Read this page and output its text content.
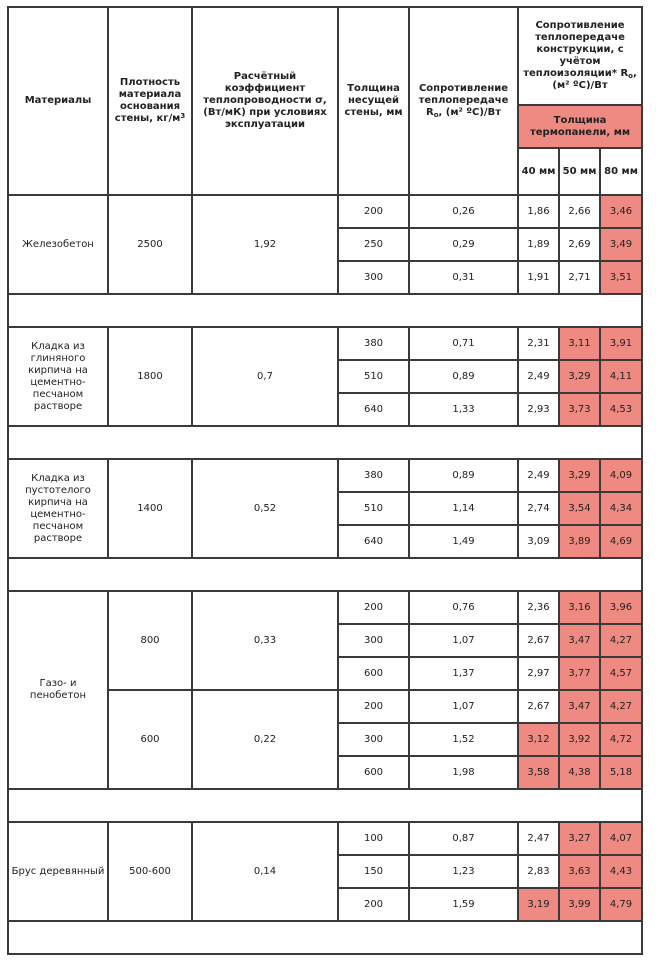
Материалы	Плотность материала основания стены, $кг/м^3$	Расчётный коэффициент теплопроводности σ, (Вт/мК) при условиях эксплуатации	Толщина несущей стены, мм	Сопротивление теплопередаче Ro, (м² ºС)/Вт	Сопротивление теплопередаче конструкции, с учётом теплоизоляции* Ro, (м² ºС)/Вт		
					Толщина термопанели, мм		
					40 мм	50 мм	80 мм
Железобетон	2500	1,92	200	0,26	1,86	2,66	3,46
			250	0,29	1,89	2,69	3,49
			300	0,31	1,91	2,71	3,51

Кладка из глиняного кирпича на цементно-песчаном растворе	1800	0,7	380	0,71	2,31	3,11	3,91
			510	0,89	2,49	3,29	4,11
			640	1,33	2,93	3,73	4,53

Кладка из пустотелого кирпича на цементно-песчаном растворе	1400	0,52	380	0,89	2,49	3,29	4,09
			510	1,14	2,74	3,54	4,34
			640	1,49	3,09	3,89	4,69

Газо- и пенобетон	800	0,33	200	0,76	2,36	3,16	3,96
			300	1,07	2,67	3,47	4,27
			600	1,37	2,97	3,77	4,57
	600	0,22	200	1,07	2,67	3,47	4,27
			300	1,52	3,12	3,92	4,72
			600	1,98	3,58	4,38	5,18

Брус деревянный	500-600	0,14	100	0,87	2,47	3,27	4,07
			150	1,23	2,83	3,63	4,43
			200	1,59	3,19	3,99	4,79
